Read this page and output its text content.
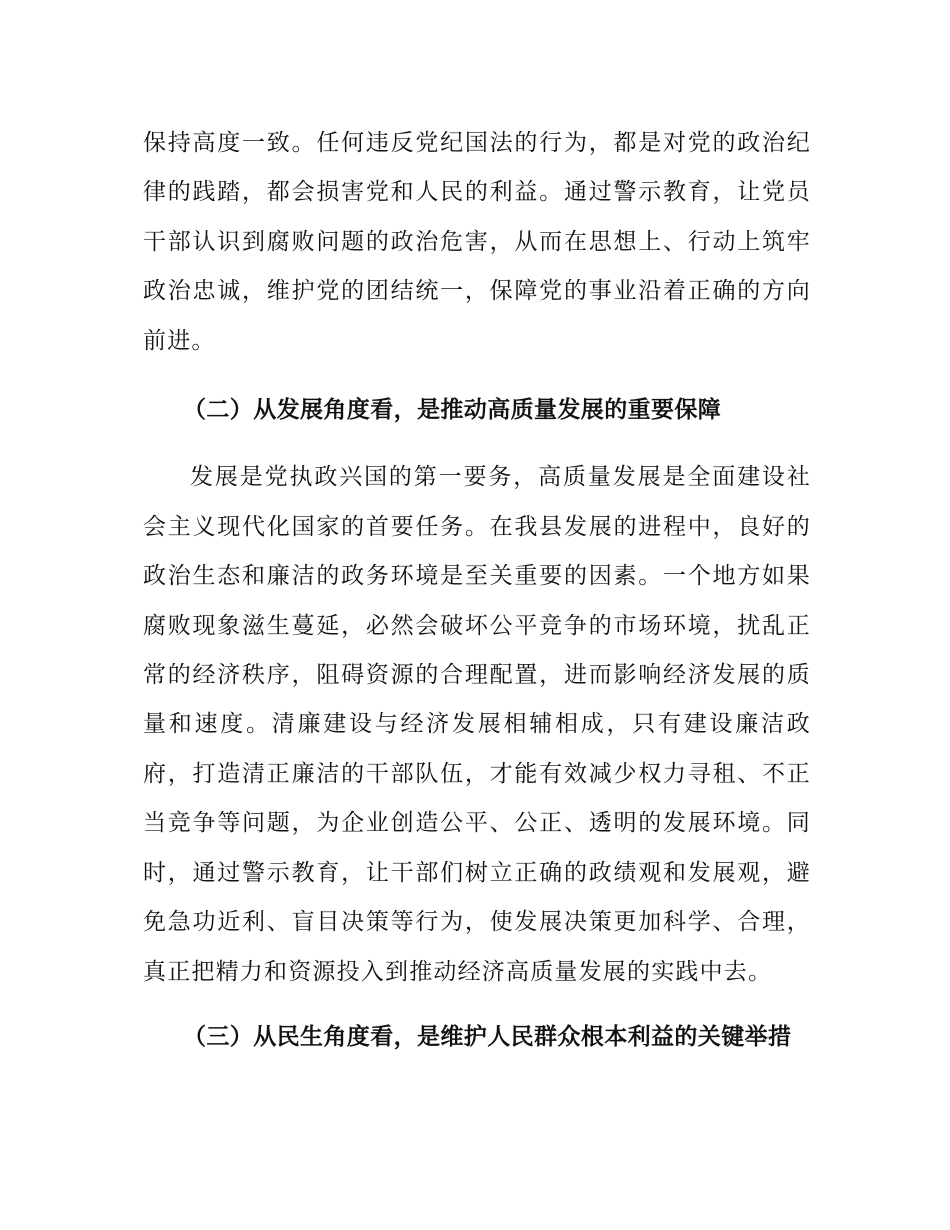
保持高度一致。任何违反党纪国法的行为，都是对党的政治纪律的践踏，都会损害党和人民的利益。通过警示教育，让党员干部认识到腐败问题的政治危害，从而在思想上、行动上筑牢政治忠诚，维护党的团结统一，保障党的事业沿着正确的方向前进。

（二）从发展角度看，是推动高质量发展的重要保障

发展是党执政兴国的第一要务，高质量发展是全面建设社会主义现代化国家的首要任务。在我县发展的进程中，良好的政治生态和廉洁的政务环境是至关重要的因素。一个地方如果腐败现象滋生蔓延，必然会破坏公平竞争的市场环境，扰乱正常的经济秩序，阻碍资源的合理配置，进而影响经济发展的质量和速度。清廉建设与经济发展相辅相成，只有建设廉洁政府，打造清正廉洁的干部队伍，才能有效减少权力寻租、不正当竞争等问题，为企业创造公平、公正、透明的发展环境。同时，通过警示教育，让干部们树立正确的政绩观和发展观，避免急功近利、盲目决策等行为，使发展决策更加科学、合理，真正把精力和资源投入到推动经济高质量发展的实践中去。

（三）从民生角度看，是维护人民群众根本利益的关键举措
